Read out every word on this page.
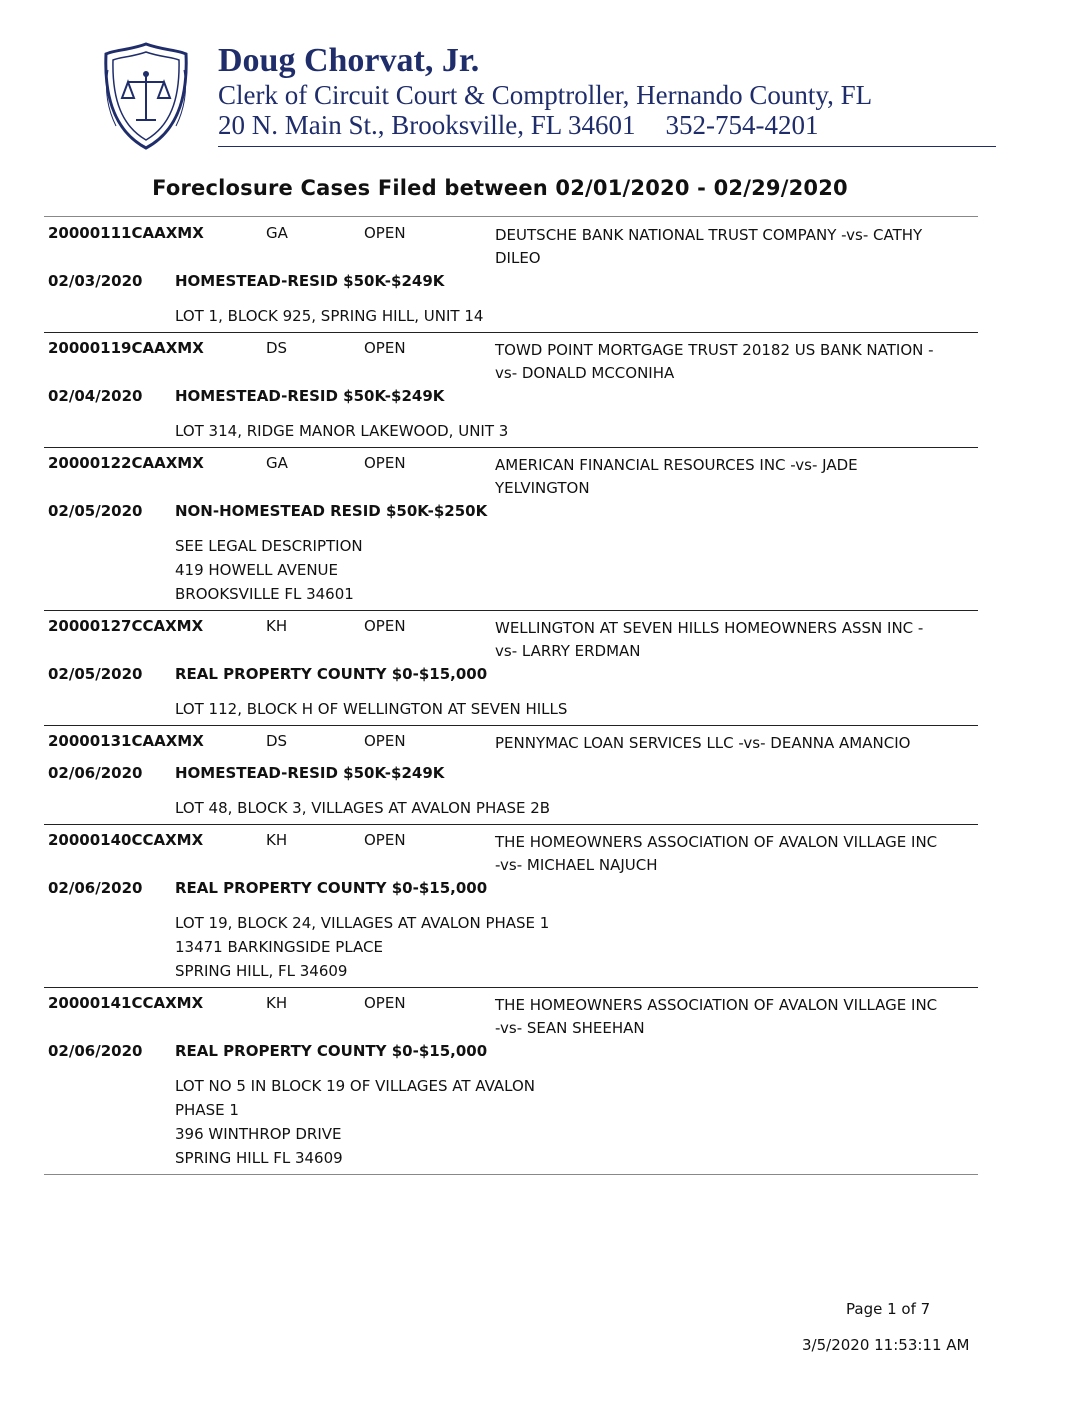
Doug Chorvat, Jr.
Clerk of Circuit Court & Comptroller, Hernando County, FL
20 N. Main St., Brooksville, FL 34601 352-754-4201
Foreclosure Cases Filed between 02/01/2020 - 02/29/2020
20000111CAAXMX	GA	OPEN	DEUTSCHE BANK NATIONAL TRUST COMPANY -vs- CATHY
DILEO
02/03/2020 HOMESTEAD-RESID $50K-$249K
LOT 1, BLOCK 925, SPRING HILL, UNIT 14
20000119CAAXMX	DS	OPEN	TOWD POINT MORTGAGE TRUST 20182 US BANK NATION -
vs- DONALD MCCONIHA
02/04/2020 HOMESTEAD-RESID $50K-$249K
LOT 314, RIDGE MANOR LAKEWOOD, UNIT 3
20000122CAAXMX	GA	OPEN	AMERICAN FINANCIAL RESOURCES INC -vs- JADE
YELVINGTON
02/05/2020 NON-HOMESTEAD RESID $50K-$250K
SEE LEGAL DESCRIPTION
419 HOWELL AVENUE
BROOKSVILLE FL 34601
20000127CCAXMX	KH	OPEN	WELLINGTON AT SEVEN HILLS HOMEOWNERS ASSN INC -
vs- LARRY ERDMAN
02/05/2020 REAL PROPERTY COUNTY $0-$15,000
LOT 112, BLOCK H OF WELLINGTON AT SEVEN HILLS
20000131CAAXMX	DS	OPEN	PENNYMAC LOAN SERVICES LLC -vs- DEANNA AMANCIO
02/06/2020 HOMESTEAD-RESID $50K-$249K
LOT 48, BLOCK 3, VILLAGES AT AVALON PHASE 2B
20000140CCAXMX	KH	OPEN	THE HOMEOWNERS ASSOCIATION OF AVALON VILLAGE INC
-vs- MICHAEL NAJUCH
02/06/2020 REAL PROPERTY COUNTY $0-$15,000
LOT 19, BLOCK 24, VILLAGES AT AVALON PHASE 1
13471 BARKINGSIDE PLACE
SPRING HILL, FL 34609
20000141CCAXMX	KH	OPEN	THE HOMEOWNERS ASSOCIATION OF AVALON VILLAGE INC
-vs- SEAN SHEEHAN
02/06/2020 REAL PROPERTY COUNTY $0-$15,000
LOT NO 5 IN BLOCK 19 OF VILLAGES AT AVALON
PHASE 1
396 WINTHROP DRIVE
SPRING HILL FL 34609
Page 1 of 7
3/5/2020 11:53:11 AM
